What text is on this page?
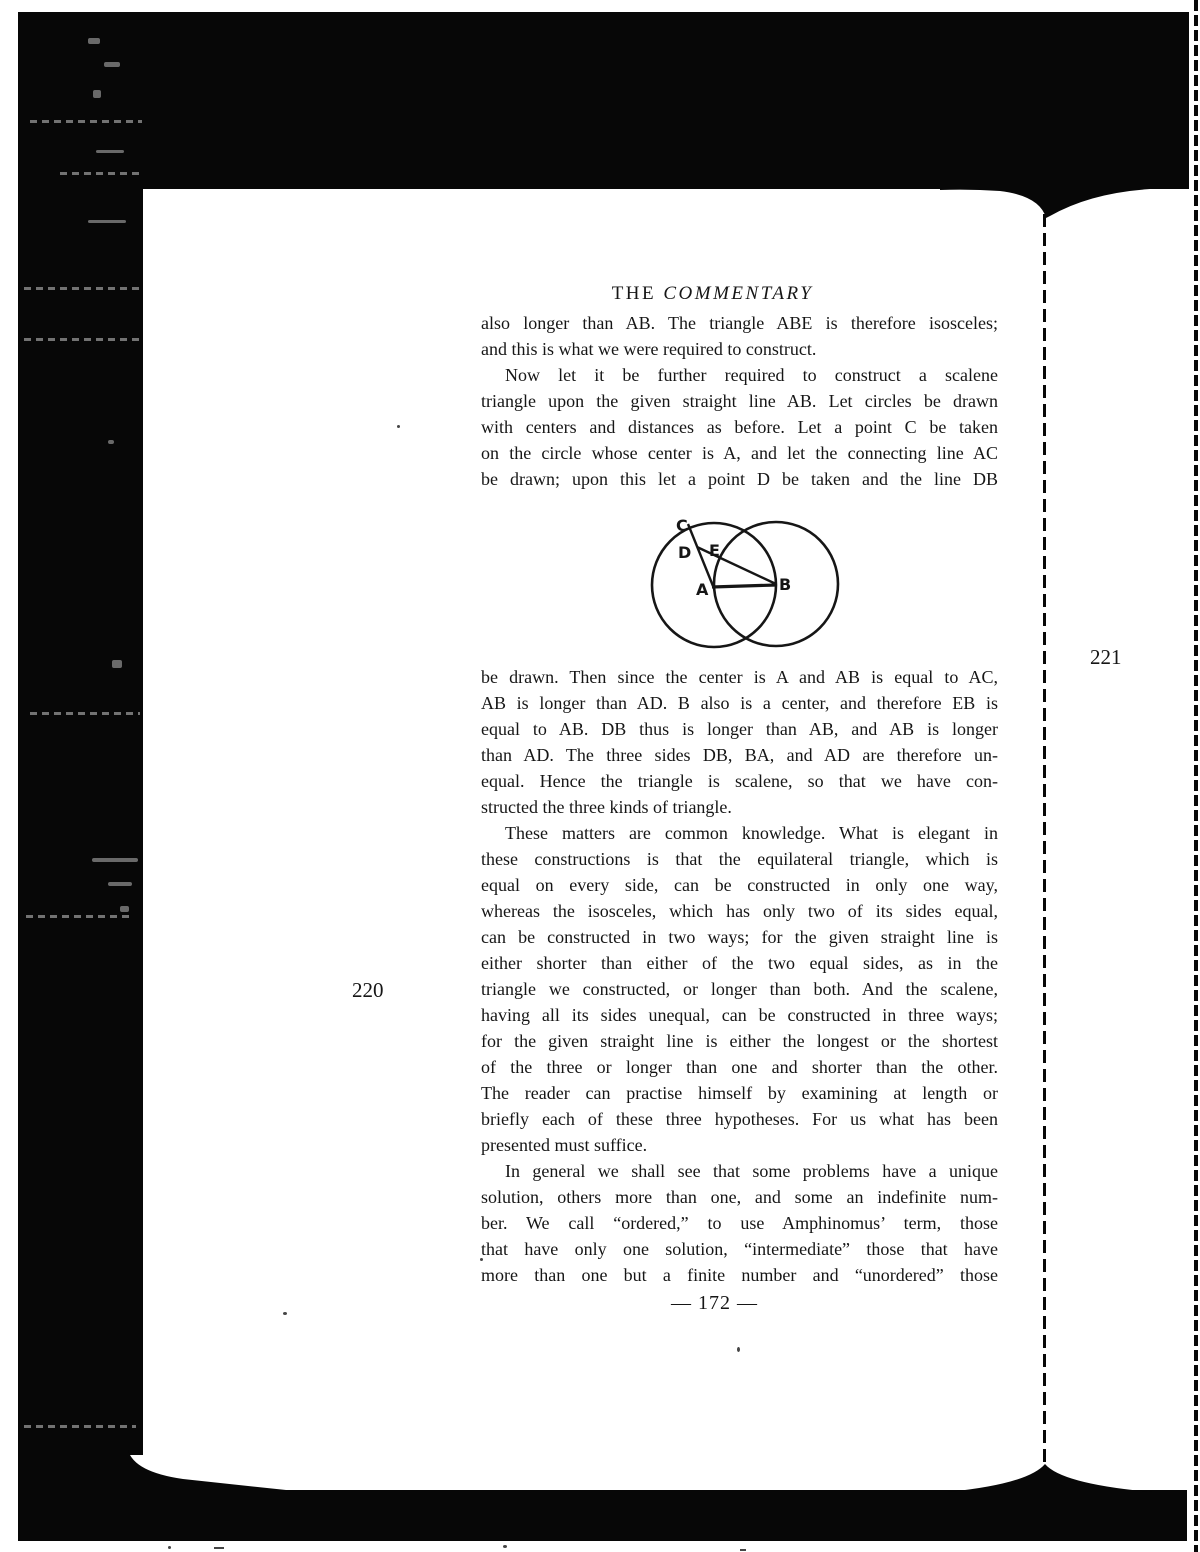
THE COMMENTARY
also longer than AB. The triangle ABE is therefore isosceles;
and this is what we were required to construct.
Now let it be further required to construct a scalene
triangle upon the given straight line AB. Let circles be drawn
with centers and distances as before. Let a point C be taken
on the circle whose center is A, and let the connecting line AC
be drawn; upon this let a point D be taken and the line DB
be drawn. Then since the center is A and AB is equal to AC,
AB is longer than AD. B also is a center, and therefore EB is
equal to AB. DB thus is longer than AB, and AB is longer
than AD. The three sides DB, BA, and AD are therefore un-
equal. Hence the triangle is scalene, so that we have con-
structed the three kinds of triangle.
These matters are common knowledge. What is elegant in
these constructions is that the equilateral triangle, which is
equal on every side, can be constructed in only one way,
whereas the isosceles, which has only two of its sides equal,
can be constructed in two ways; for the given straight line is
either shorter than either of the two equal sides, as in the
triangle we constructed, or longer than both. And the scalene,
having all its sides unequal, can be constructed in three ways;
for the given straight line is either the longest or the shortest
of the three or longer than one and shorter than the other.
The reader can practise himself by examining at length or
briefly each of these three hypotheses. For us what has been
presented must suffice.
In general we shall see that some problems have a unique
solution, others more than one, and some an indefinite num-
ber. We call “ordered,” to use Amphinomus’ term, those
that have only one solution, “intermediate” those that have
more than one but a finite number and “unordered” those
C
D E
A	B
220
221
— 172 —
